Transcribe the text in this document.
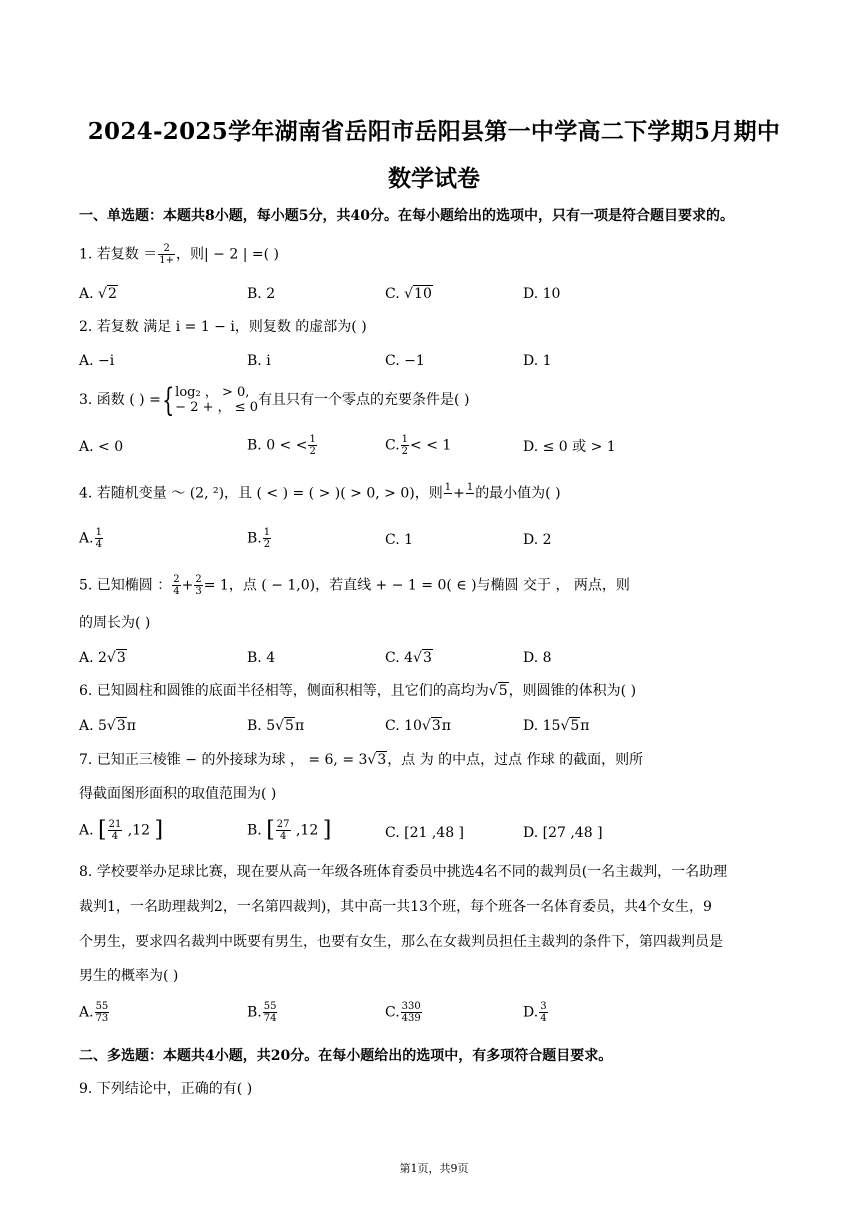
2024-2025学年湖南省岳阳市岳阳县第一中学高二下学期5月期中
数学试卷
一、单选题：本题共8小题，每小题5分，共40分。在每小题给出的选项中，只有一项是符合题目要求的。
1. 若复数 ＝ $\frac{2}{1+}$ ，则| − 2 | =( )
A. √2	B. 2	C. √10	D. 10
2. 若复数 满足 i = 1 − i，则复数 的虚部为( )
A. −i	B. i	C. −1	D. 1
3. 函数 ( ) ={ log₂ ， > 0,
− 2 + ， ≤ 0 有且只有一个零点的充要条件是( )
A. < 0	B. 0 < < $\frac{1}{2}$	C. $\frac{1}{2}$ < < 1	D. ≤ 0 或 > 1
4. 若随机变量 ～ (2, ²)，且 ( < ) = ( > )( > 0, > 0)，则 1
+ 1
的最小值为( )
A. $\frac{1}{4}$	B. $\frac{1}{2}$	C. 1	D. 2
5. 已知椭圆 ： $\frac{2}{4} + \frac{2}{3} = 1$，点 ( − 1,0)，若直线 + − 1 = 0( ∈ )与椭圆 交于 ， 两点，则
的周长为( )
A. 2√3	B. 4	C. 4√3	D. 8
6. 已知圆柱和圆锥的底面半径相等，侧面积相等，且它们的高均为√5，则圆锥的体积为( )
A. 5√3π	B. 5√5π	C. 10√3π	D. 15√5π
7. 已知正三棱锥 − 的外接球为球 ， = 6, = 3√3，点 为 的中点，过点 作球 的截面，则所
得截面图形面积的取值范围为( )
A. [ $\frac{21}{4} ,12$ ]	B. [ $\frac{27}{4} ,12$ ]	C. [21 ,48 ]	D. [27 ,48 ]
8. 学校要举办足球比赛，现在要从高一年级各班体育委员中挑选4名不同的裁判员(一名主裁判，一名助理
裁判1，一名助理裁判2，一名第四裁判)，其中高一共13个班，每个班各一名体育委员，共4个女生，9
个男生，要求四名裁判中既要有男生，也要有女生，那么在女裁判员担任主裁判的条件下，第四裁判员是
男生的概率为( )
A. $\frac{55}{73}$	B. $\frac{55}{74}$	C. $\frac{330}{439}$	D. $\frac{3}{4}$
二、多选题：本题共4小题，共20分。在每小题给出的选项中，有多项符合题目要求。
9. 下列结论中，正确的有( )
第1页，共9页
